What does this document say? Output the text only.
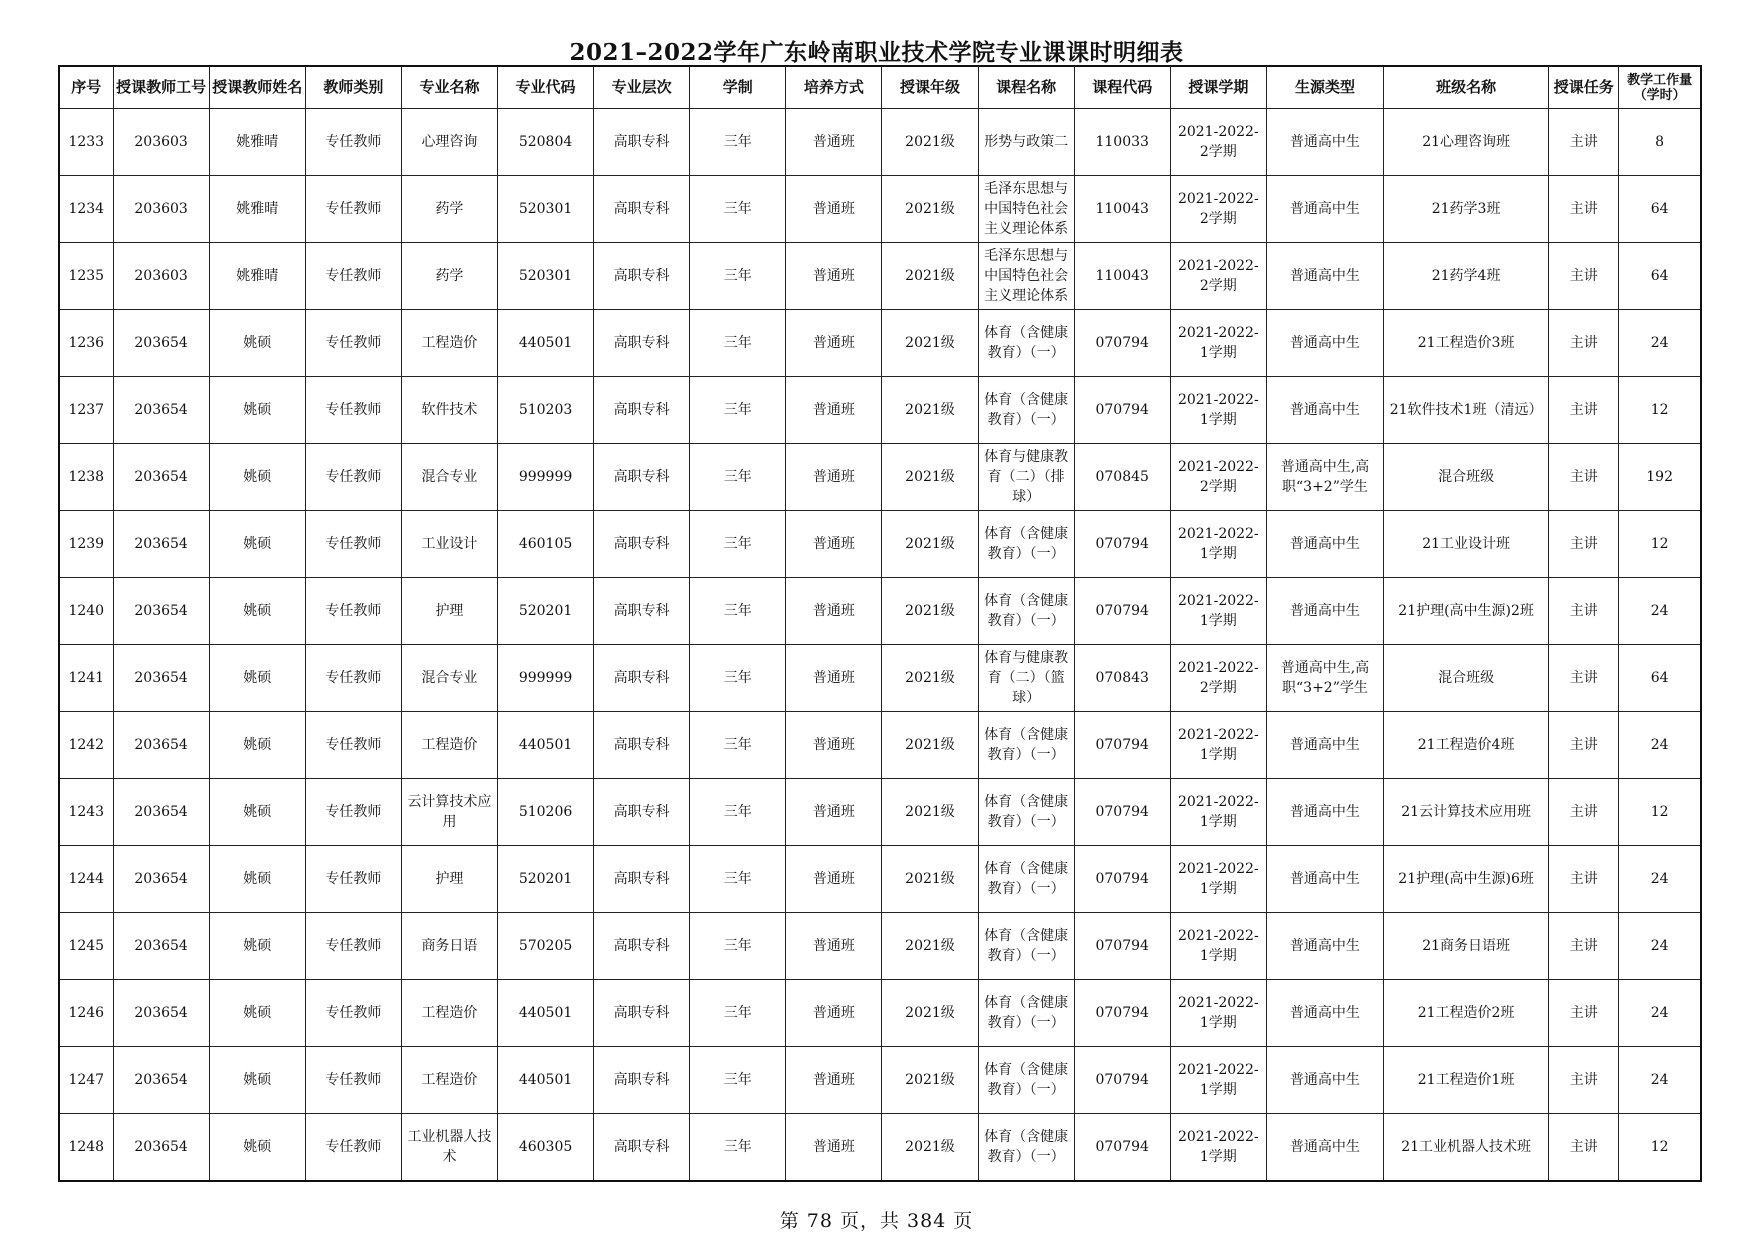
2021–2022学年广东岭南职业技术学院专业课课时明细表
序号	授课教师工号	授课教师姓名	教师类别	专业名称	专业代码	专业层次	学制	培养方式	授课年级	课程名称	课程代码	授课学期	生源类型	班级名称	授课任务	教学工作量（学时）
1233	203603	姚雅晴	专任教师	心理咨询	520804	高职专科	三年	普通班	2021级	形势与政策二	110033	2021-2022-2学期	普通高中生	21心理咨询班	主讲	8
1234	203603	姚雅晴	专任教师	药学	520301	高职专科	三年	普通班	2021级	毛泽东思想与中国特色社会主义理论体系	110043	2021-2022-2学期	普通高中生	21药学3班	主讲	64
1235	203603	姚雅晴	专任教师	药学	520301	高职专科	三年	普通班	2021级	毛泽东思想与中国特色社会主义理论体系	110043	2021-2022-2学期	普通高中生	21药学4班	主讲	64
1236	203654	姚硕	专任教师	工程造价	440501	高职专科	三年	普通班	2021级	体育（含健康教育）（一）	070794	2021-2022-1学期	普通高中生	21工程造价3班	主讲	24
1237	203654	姚硕	专任教师	软件技术	510203	高职专科	三年	普通班	2021级	体育（含健康教育）（一）	070794	2021-2022-1学期	普通高中生	21软件技术1班（清远）	主讲	12
1238	203654	姚硕	专任教师	混合专业	999999	高职专科	三年	普通班	2021级	体育与健康教育（二）（排球）	070845	2021-2022-2学期	普通高中生,高职“3+2”学生	混合班级	主讲	192
1239	203654	姚硕	专任教师	工业设计	460105	高职专科	三年	普通班	2021级	体育（含健康教育）（一）	070794	2021-2022-1学期	普通高中生	21工业设计班	主讲	12
1240	203654	姚硕	专任教师	护理	520201	高职专科	三年	普通班	2021级	体育（含健康教育）（一）	070794	2021-2022-1学期	普通高中生	21护理(高中生源)2班	主讲	24
1241	203654	姚硕	专任教师	混合专业	999999	高职专科	三年	普通班	2021级	体育与健康教育（二）（篮球）	070843	2021-2022-2学期	普通高中生,高职“3+2”学生	混合班级	主讲	64
1242	203654	姚硕	专任教师	工程造价	440501	高职专科	三年	普通班	2021级	体育（含健康教育）（一）	070794	2021-2022-1学期	普通高中生	21工程造价4班	主讲	24
1243	203654	姚硕	专任教师	云计算技术应用	510206	高职专科	三年	普通班	2021级	体育（含健康教育）（一）	070794	2021-2022-1学期	普通高中生	21云计算技术应用班	主讲	12
1244	203654	姚硕	专任教师	护理	520201	高职专科	三年	普通班	2021级	体育（含健康教育）（一）	070794	2021-2022-1学期	普通高中生	21护理(高中生源)6班	主讲	24
1245	203654	姚硕	专任教师	商务日语	570205	高职专科	三年	普通班	2021级	体育（含健康教育）（一）	070794	2021-2022-1学期	普通高中生	21商务日语班	主讲	24
1246	203654	姚硕	专任教师	工程造价	440501	高职专科	三年	普通班	2021级	体育（含健康教育）（一）	070794	2021-2022-1学期	普通高中生	21工程造价2班	主讲	24
1247	203654	姚硕	专任教师	工程造价	440501	高职专科	三年	普通班	2021级	体育（含健康教育）（一）	070794	2021-2022-1学期	普通高中生	21工程造价1班	主讲	24
1248	203654	姚硕	专任教师	工业机器人技术	460305	高职专科	三年	普通班	2021级	体育（含健康教育）（一）	070794	2021-2022-1学期	普通高中生	21工业机器人技术班	主讲	12
第 78 页，共 384 页
